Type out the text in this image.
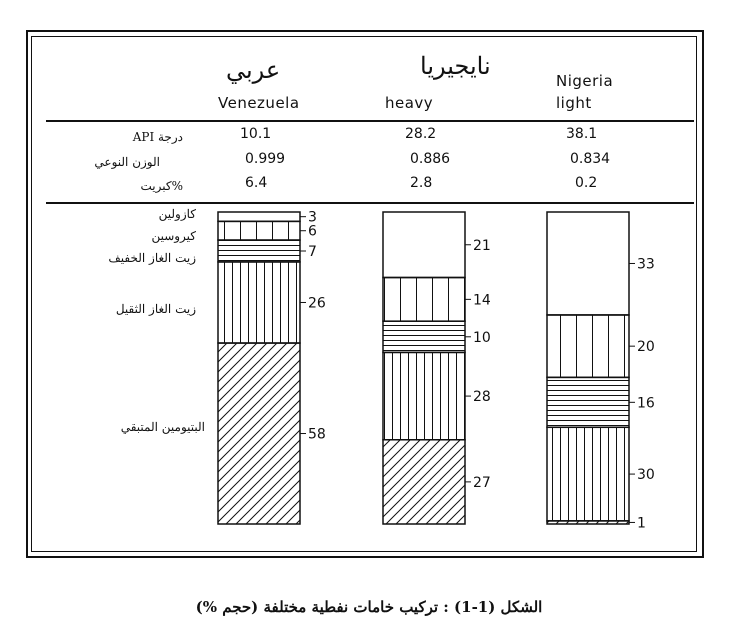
عربي
Venezuela
نايجيريا
heavy
Nigeria light
درجة API	10.1	28.2	38.1
الوزن النوعي	0.999	0.886	0.834
%كبريت	6.4	2.8	0.2
كازولين
كيروسين
زيت الغاز الخفيف
زيت الغاز الثقيل
البتيومين المتبقي
3
6
7
26
58
21
14
10
28
27
33
20
16
30
1
الشكل (1-1) : تركيب خامات نفطية مختلفة (حجم %)
